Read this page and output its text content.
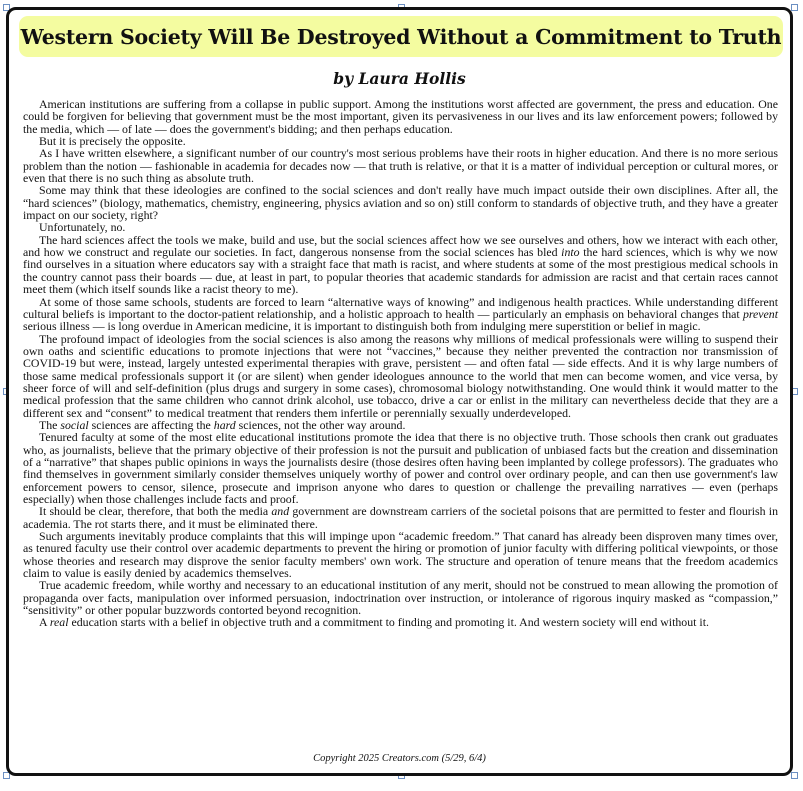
Western Society Will Be Destroyed Without a Commitment to Truth
by Laura Hollis

American institutions are suffering from a collapse in public support. Among the institutions worst affected are government, the press and education. One could be forgiven for believing that government must be the most important, given its pervasiveness in our lives and its law enforcement powers; followed by the media, which — of late — does the government's bidding; and then perhaps education.

But it is precisely the opposite.

As I have written elsewhere, a significant number of our country's most serious problems have their roots in higher education. And there is no more serious problem than the notion — fashionable in academia for decades now — that truth is relative, or that it is a matter of individual perception or cultural mores, or even that there is no such thing as absolute truth.

Some may think that these ideologies are confined to the social sciences and don't really have much impact outside their own disciplines. After all, the “hard sciences” (biology, mathematics, chemistry, engineering, physics aviation and so on) still conform to standards of objective truth, and they have a greater impact on our society, right?

Unfortunately, no.

The hard sciences affect the tools we make, build and use, but the social sciences affect how we see ourselves and others, how we interact with each other, and how we construct and regulate our societies. In fact, dangerous nonsense from the social sciences has bled into the hard sciences, which is why we now find ourselves in a situation where educators say with a straight face that math is racist, and where students at some of the most prestigious medical schools in the country cannot pass their boards — due, at least in part, to popular theories that academic standards for admission are racist and that certain races cannot meet them (which itself sounds like a racist theory to me).

At some of those same schools, students are forced to learn “alternative ways of knowing” and indigenous health practices. While understanding different cultural beliefs is important to the doctor-patient relationship, and a holistic approach to health — particularly an emphasis on behavioral changes that prevent serious illness — is long overdue in American medicine, it is important to distinguish both from indulging mere superstition or belief in magic.

The profound impact of ideologies from the social sciences is also among the reasons why millions of medical professionals were willing to suspend their own oaths and scientific educations to promote injections that were not “vaccines,” because they neither prevented the contraction nor transmission of COVID-19 but were, instead, largely untested experimental therapies with grave, persistent — and often fatal — side effects. And it is why large numbers of those same medical professionals support it (or are silent) when gender ideologues announce to the world that men can become women, and vice versa, by sheer force of will and self-definition (plus drugs and surgery in some cases), chromosomal biology notwithstanding. One would think it would matter to the medical profession that the same children who cannot drink alcohol, use tobacco, drive a car or enlist in the military can nevertheless decide that they are a different sex and “consent” to medical treatment that renders them infertile or perennially sexually underdeveloped.

The social sciences are affecting the hard sciences, not the other way around.

Tenured faculty at some of the most elite educational institutions promote the idea that there is no objective truth. Those schools then crank out graduates who, as journalists, believe that the primary objective of their profession is not the pursuit and publication of unbiased facts but the creation and dissemination of a “narrative” that shapes public opinions in ways the journalists desire (those desires often having been implanted by college professors). The graduates who find themselves in government similarly consider themselves uniquely worthy of power and control over ordinary people, and can then use government's law enforcement powers to censor, silence, prosecute and imprison anyone who dares to question or challenge the prevailing narratives — even (perhaps especially) when those challenges include facts and proof.

It should be clear, therefore, that both the media and government are downstream carriers of the societal poisons that are permitted to fester and flourish in academia. The rot starts there, and it must be eliminated there.

Such arguments inevitably produce complaints that this will impinge upon “academic freedom.” That canard has already been disproven many times over, as tenured faculty use their control over academic departments to prevent the hiring or promotion of junior faculty with differing political viewpoints, or those whose theories and research may disprove the senior faculty members' own work. The structure and operation of tenure means that the freedom academics claim to value is easily denied by academics themselves.

True academic freedom, while worthy and necessary to an educational institution of any merit, should not be construed to mean allowing the promotion of propaganda over facts, manipulation over informed persuasion, indoctrination over instruction, or intolerance of rigorous inquiry masked as “compassion,” “sensitivity” or other popular buzzwords contorted beyond recognition.

A real education starts with a belief in objective truth and a commitment to finding and promoting it. And western society will end without it.

Copyright 2025 Creators.com (5/29, 6/4)
